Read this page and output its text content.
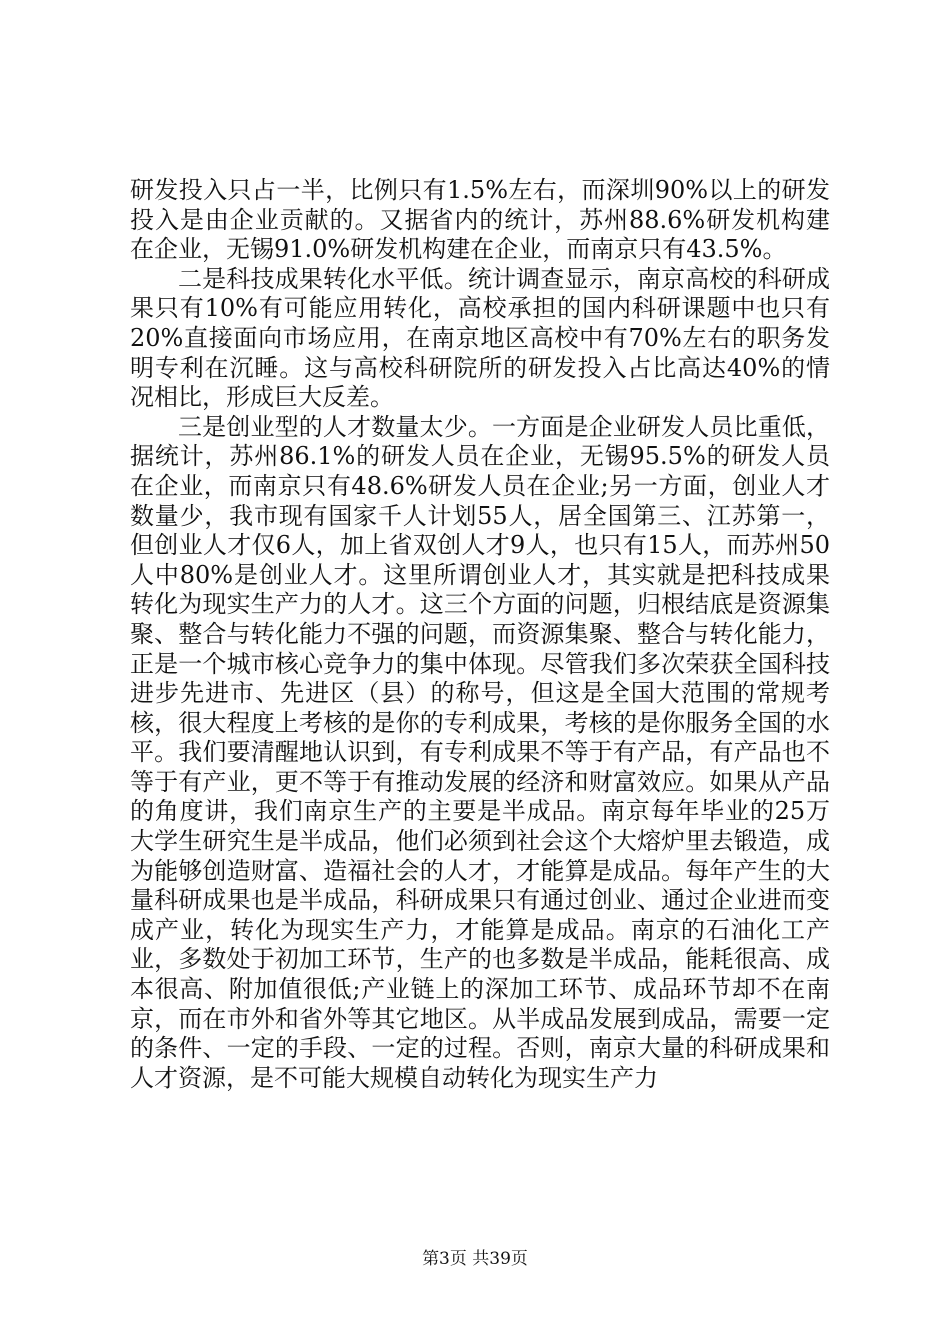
研发投入只占一半，比例只有1.5%左右，而深圳90%以上的研发投入是由企业贡献的。又据省内的统计，苏州88.6%研发机构建在企业，无锡91.0%研发机构建在企业，而南京只有43.5%。

二是科技成果转化水平低。统计调查显示，南京高校的科研成果只有10%有可能应用转化，高校承担的国内科研课题中也只有20%直接面向市场应用，在南京地区高校中有70%左右的职务发明专利在沉睡。这与高校科研院所的研发投入占比高达40%的情况相比，形成巨大反差。

三是创业型的人才数量太少。一方面是企业研发人员比重低，据统计，苏州86.1%的研发人员在企业，无锡95.5%的研发人员在企业，而南京只有48.6%研发人员在企业;另一方面，创业人才数量少，我市现有国家千人计划55人，居全国第三、江苏第一，但创业人才仅6人，加上省双创人才9人，也只有15人，而苏州50人中80%是创业人才。这里所谓创业人才，其实就是把科技成果转化为现实生产力的人才。这三个方面的问题，归根结底是资源集聚、整合与转化能力不强的问题，而资源集聚、整合与转化能力，正是一个城市核心竞争力的集中体现。尽管我们多次荣获全国科技进步先进市、先进区（县）的称号，但这是全国大范围的常规考核，很大程度上考核的是你的专利成果，考核的是你服务全国的水平。我们要清醒地认识到，有专利成果不等于有产品，有产品也不等于有产业，更不等于有推动发展的经济和财富效应。如果从产品的角度讲，我们南京生产的主要是半成品。南京每年毕业的25万大学生研究生是半成品，他们必须到社会这个大熔炉里去锻造，成为能够创造财富、造福社会的人才，才能算是成品。每年产生的大量科研成果也是半成品，科研成果只有通过创业、通过企业进而变成产业，转化为现实生产力，才能算是成品。南京的石油化工产业，多数处于初加工环节，生产的也多数是半成品，能耗很高、成本很高、附加值很低;产业链上的深加工环节、成品环节却不在南京，而在市外和省外等其它地区。从半成品发展到成品，需要一定的条件、一定的手段、一定的过程。否则，南京大量的科研成果和人才资源，是不可能大规模自动转化为现实生产力

第3页 共39页
